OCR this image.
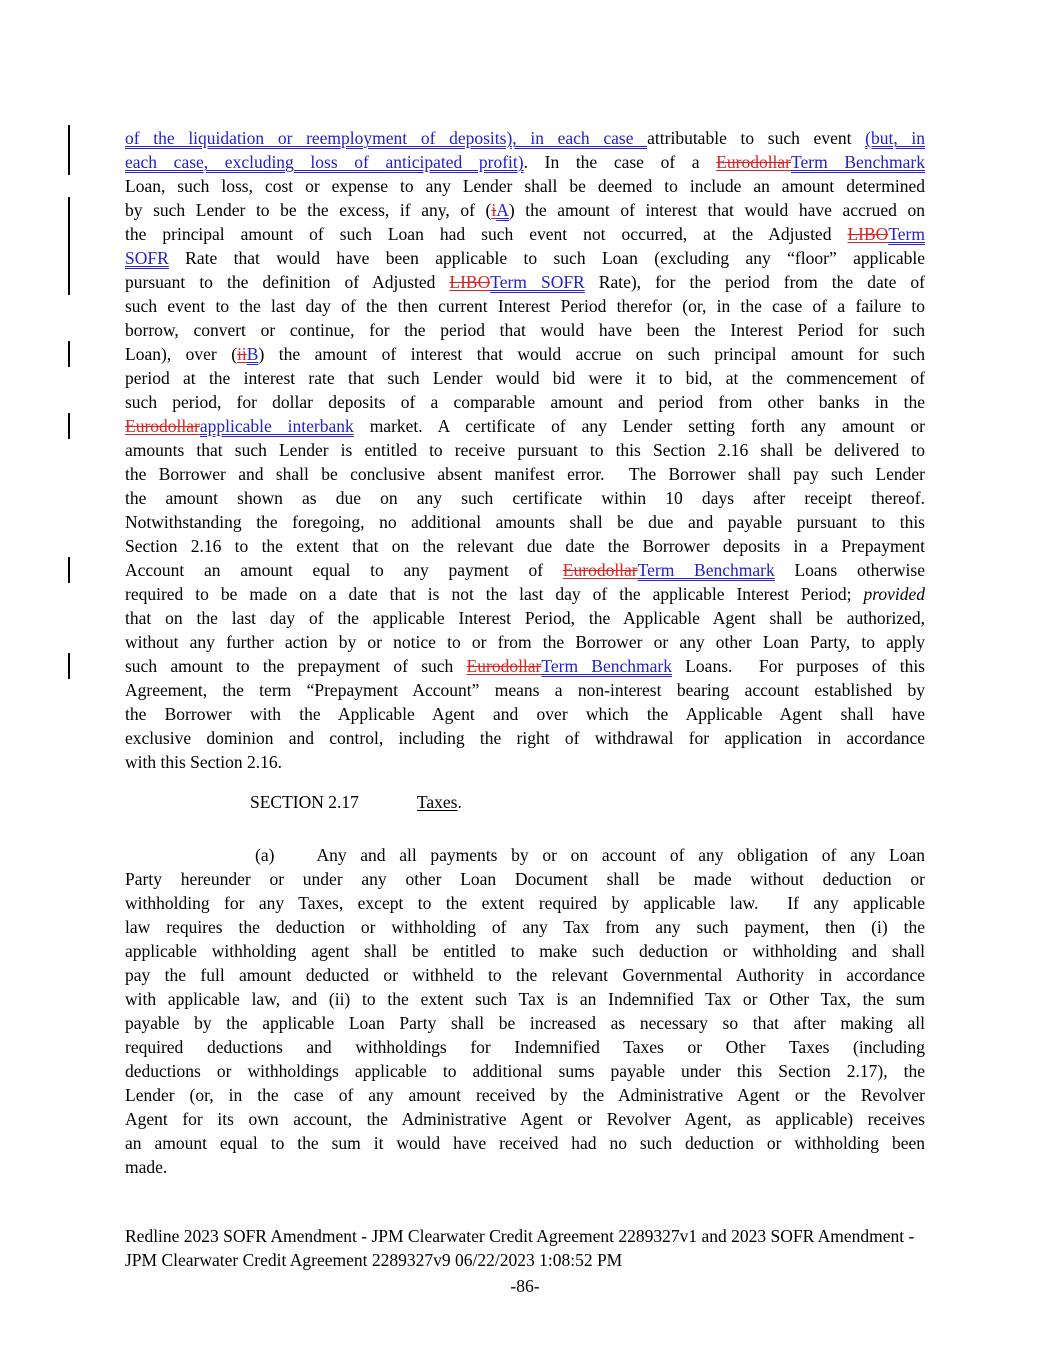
of the liquidation or reemployment of deposits), in each case attributable to such event (but, in
each case, excluding loss of anticipated profit). In the case of a EurodollarTerm Benchmark
Loan, such loss, cost or expense to any Lender shall be deemed to include an amount determined
by such Lender to be the excess, if any, of (iA) the amount of interest that would have accrued on
the principal amount of such Loan had such event not occurred, at the Adjusted LIBOTerm
SOFR Rate that would have been applicable to such Loan (excluding any “floor” applicable
pursuant to the definition of Adjusted LIBOTerm SOFR Rate), for the period from the date of
such event to the last day of the then current Interest Period therefor (or, in the case of a failure to
borrow, convert or continue, for the period that would have been the Interest Period for such
Loan), over (iiB) the amount of interest that would accrue on such principal amount for such
period at the interest rate that such Lender would bid were it to bid, at the commencement of
such period, for dollar deposits of a comparable amount and period from other banks in the
Eurodollarapplicable interbank market. A certificate of any Lender setting forth any amount or
amounts that such Lender is entitled to receive pursuant to this Section 2.16 shall be delivered to
the Borrower and shall be conclusive absent manifest error.  The Borrower shall pay such Lender
the amount shown as due on any such certificate within 10 days after receipt thereof.
Notwithstanding the foregoing, no additional amounts shall be due and payable pursuant to this
Section 2.16 to the extent that on the relevant due date the Borrower deposits in a Prepayment
Account an amount equal to any payment of EurodollarTerm Benchmark Loans otherwise
required to be made on a date that is not the last day of the applicable Interest Period; provided
that on the last day of the applicable Interest Period, the Applicable Agent shall be authorized,
without any further action by or notice to or from the Borrower or any other Loan Party, to apply
such amount to the prepayment of such EurodollarTerm Benchmark Loans.  For purposes of this
Agreement, the term “Prepayment Account” means a non-interest bearing account established by
the Borrower with the Applicable Agent and over which the Applicable Agent shall have
exclusive dominion and control, including the right of withdrawal for application in accordance
with this Section 2.16.
SECTION 2.17	Taxes.
(a) Any and all payments by or on account of any obligation of any Loan
Party hereunder or under any other Loan Document shall be made without deduction or
withholding for any Taxes, except to the extent required by applicable law.  If any applicable
law requires the deduction or withholding of any Tax from any such payment, then (i) the
applicable withholding agent shall be entitled to make such deduction or withholding and shall
pay the full amount deducted or withheld to the relevant Governmental Authority in accordance
with applicable law, and (ii) to the extent such Tax is an Indemnified Tax or Other Tax, the sum
payable by the applicable Loan Party shall be increased as necessary so that after making all
required deductions and withholdings for Indemnified Taxes or Other Taxes (including
deductions or withholdings applicable to additional sums payable under this Section 2.17), the
Lender (or, in the case of any amount received by the Administrative Agent or the Revolver
Agent for its own account, the Administrative Agent or Revolver Agent, as applicable) receives
an amount equal to the sum it would have received had no such deduction or withholding been
made.
Redline 2023 SOFR Amendment - JPM Clearwater Credit Agreement 2289327v1 and 2023 SOFR Amendment -
JPM Clearwater Credit Agreement 2289327v9 06/22/2023 1:08:52 PM
-86-
